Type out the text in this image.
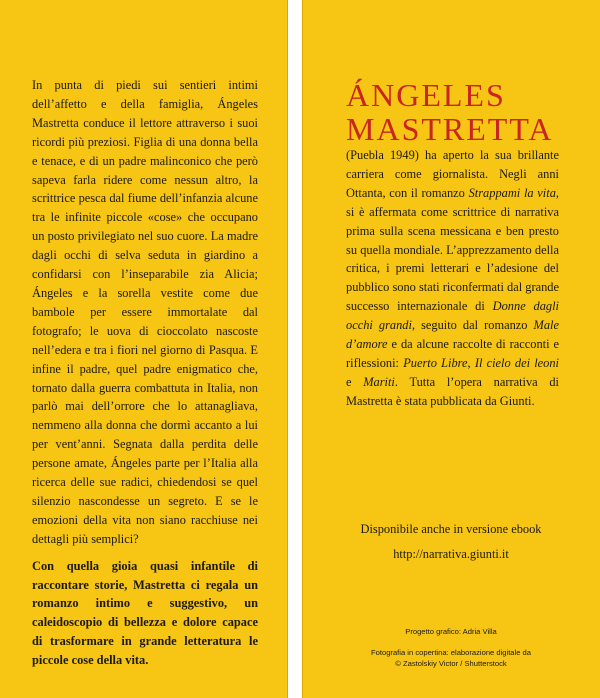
In punta di piedi sui sentieri intimi dell’affetto e della famiglia, Ángeles Mastretta conduce il lettore attraverso i suoi ricordi più preziosi. Figlia di una donna bella e tenace, e di un padre malinconico che però sapeva farla ridere come nessun altro, la scrittrice pesca dal fiume dell’infanzia alcune tra le infinite piccole «cose» che occupano un posto privilegiato nel suo cuore. La madre dagli occhi di selva seduta in giardino a confidarsi con l’inseparabile zia Alicia; Ángeles e la sorella vestite come due bambole per essere immortalate dal fotografo; le uova di cioccolato nascoste nell’edera e tra i fiori nel giorno di Pasqua. E infine il padre, quel padre enigmatico che, tornato dalla guerra combattuta in Italia, non parlò mai dell’orrore che lo attanagliava, nemmeno alla donna che dormì accanto a lui per vent’anni. Segnata dalla perdita delle persone amate, Ángeles parte per l’Italia alla ricerca delle sue radici, chiedendosi se quel silenzio nascondesse un segreto. E se le emozioni della vita non siano racchiuse nei dettagli più semplici?

Con quella gioia quasi infantile di raccontare storie, Mastretta ci regala un romanzo intimo e suggestivo, un caleidoscopio di bellezza e dolore capace di trasformare in grande letteratura le piccole cose della vita.

ÁNGELES
MASTRETTA

(Puebla 1949) ha aperto la sua brillante carriera come giornalista. Negli anni Ottanta, con il romanzo Strappami la vita, si è affermata come scrittrice di narrativa prima sulla scena messicana e ben presto su quella mondiale. L’apprezzamento della critica, i premi letterari e l’adesione del pubblico sono stati riconfermati dal grande successo internazionale di Donne dagli occhi grandi, seguito dal romanzo Male d’amore e da alcune raccolte di racconti e riflessioni: Puerto Libre, Il cielo dei leoni e Mariti. Tutta l’opera narrativa di Mastretta è stata pubblicata da Giunti.

Disponibile anche in versione ebook
http://narrativa.giunti.it
Progetto grafico: Adria Villa
Fotografia in copertina: elaborazione digitale da
© Zastolskiy Victor / Shutterstock
